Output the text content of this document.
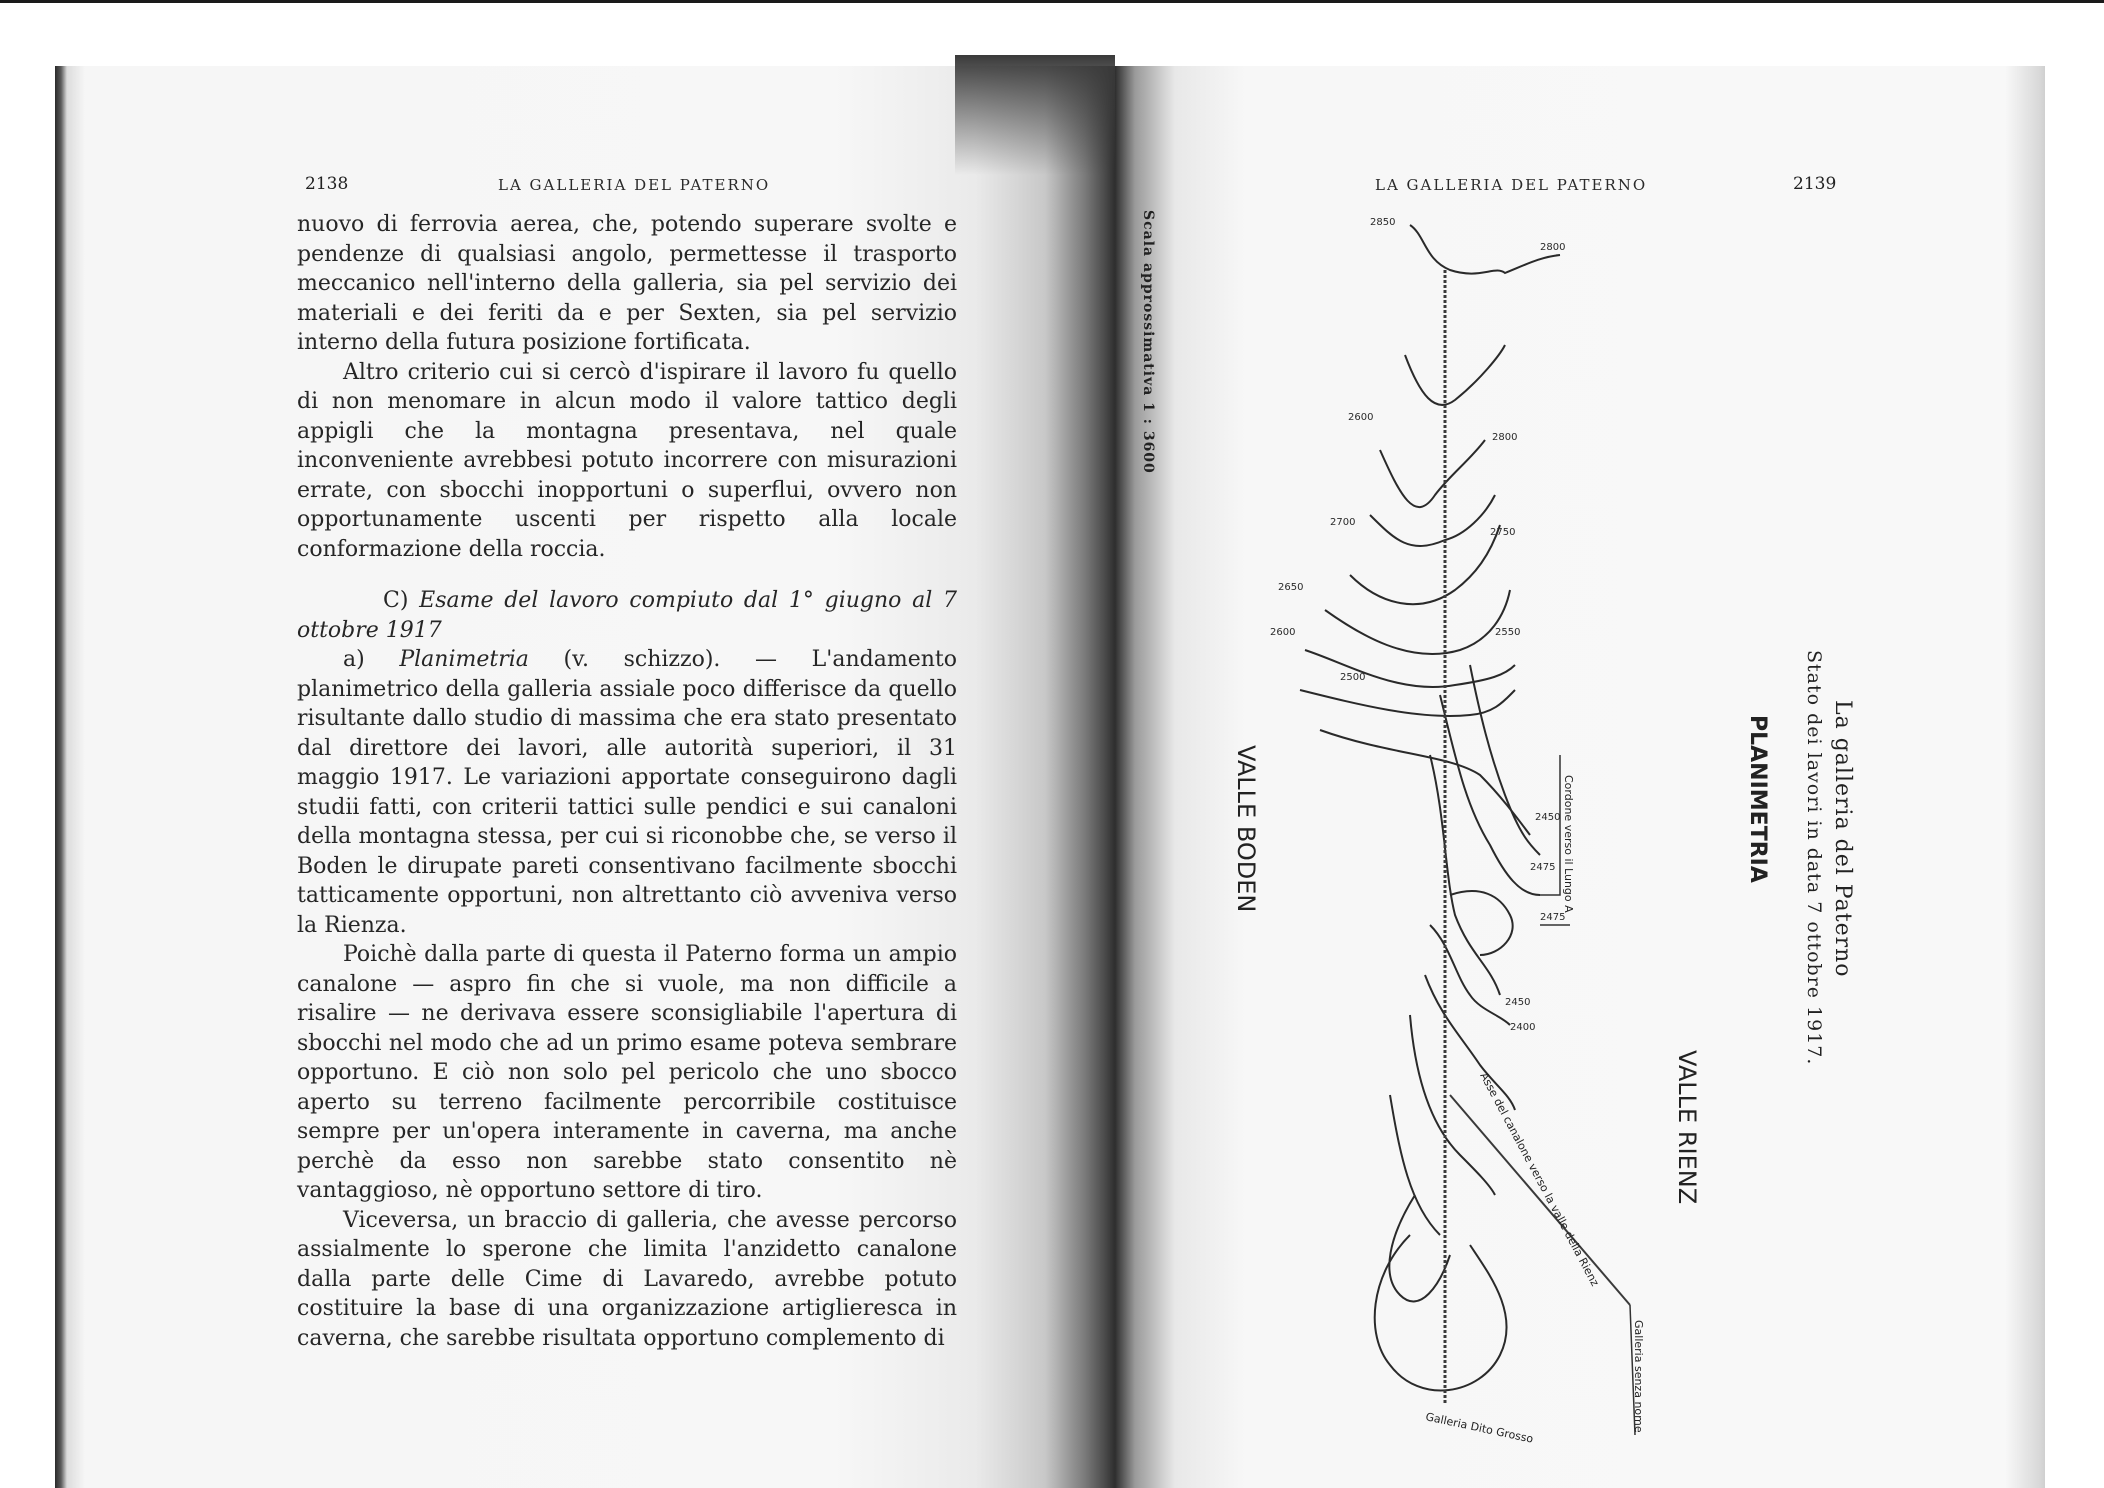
2138	LA GALLERIA DEL PATERNO

nuovo di ferrovia aerea, che, potendo superare svolte e pendenze di qualsiasi angolo, permettesse il trasporto meccanico nell'interno della galleria, sia pel servizio dei materiali e dei feriti da e per Sexten, sia pel servizio interno della futura posizione fortificata.

Altro criterio cui si cercò d'ispirare il lavoro fu quello di non menomare in alcun modo il valore tattico degli appigli che la montagna presentava, nel quale inconveniente avrebbesi potuto incorrere con misurazioni errate, con sbocchi inopportuni o superflui, ovvero non opportunamente uscenti per rispetto alla locale conformazione della roccia.

C) Esame del lavoro compiuto dal 1° giugno al 7 ottobre 1917

a) Planimetria (v. schizzo). — L'andamento planimetrico della galleria assiale poco differisce da quello risultante dallo studio di massima che era stato presentato dal direttore dei lavori, alle autorità superiori, il 31 maggio 1917. Le variazioni apportate conseguirono dagli studii fatti, con criterii tattici sulle pendici e sui canaloni della montagna stessa, per cui si riconobbe che, se verso il Boden le dirupate pareti consentivano facilmente sbocchi tatticamente opportuni, non altrettanto ciò avveniva verso la Rienza.

Poichè dalla parte di questa il Paterno forma un ampio canalone — aspro fin che si vuole, ma non difficile a risalire — ne derivava essere sconsigliabile l'apertura di sbocchi nel modo che ad un primo esame poteva sembrare opportuno. E ciò non solo pel pericolo che uno sbocco aperto su terreno facilmente percorribile costituisce sempre per un'opera interamente in caverna, ma anche perchè da esso non sarebbe stato consentito nè vantaggioso, nè opportuno settore di tiro.

Viceversa, un braccio di galleria, che avesse percorso assialmente lo sperone che limita l'anzidetto canalone dalla parte delle Cime di Lavaredo, avrebbe potuto costituire la base di una organizzazione artiglieresca in caverna, che sarebbe risultata opportuno complemento di

LA GALLERIA DEL PATERNO	2139
Scala approssimativa 1 : 3600	2850
2800
2600
2800
2700
2750
2650
2600	2550
2500
2450
2475
2475
2450
2400
Cordone verso il Lungo A
Asse del canalone verso la valle della Rienz
Galleria Dito Grosso	Galleria senza nome
VALLE BODEN
VALLE RIENZ
La galleria del Paterno
Stato dei lavori in data 7 ottobre 1917.
PLANIMETRIA
